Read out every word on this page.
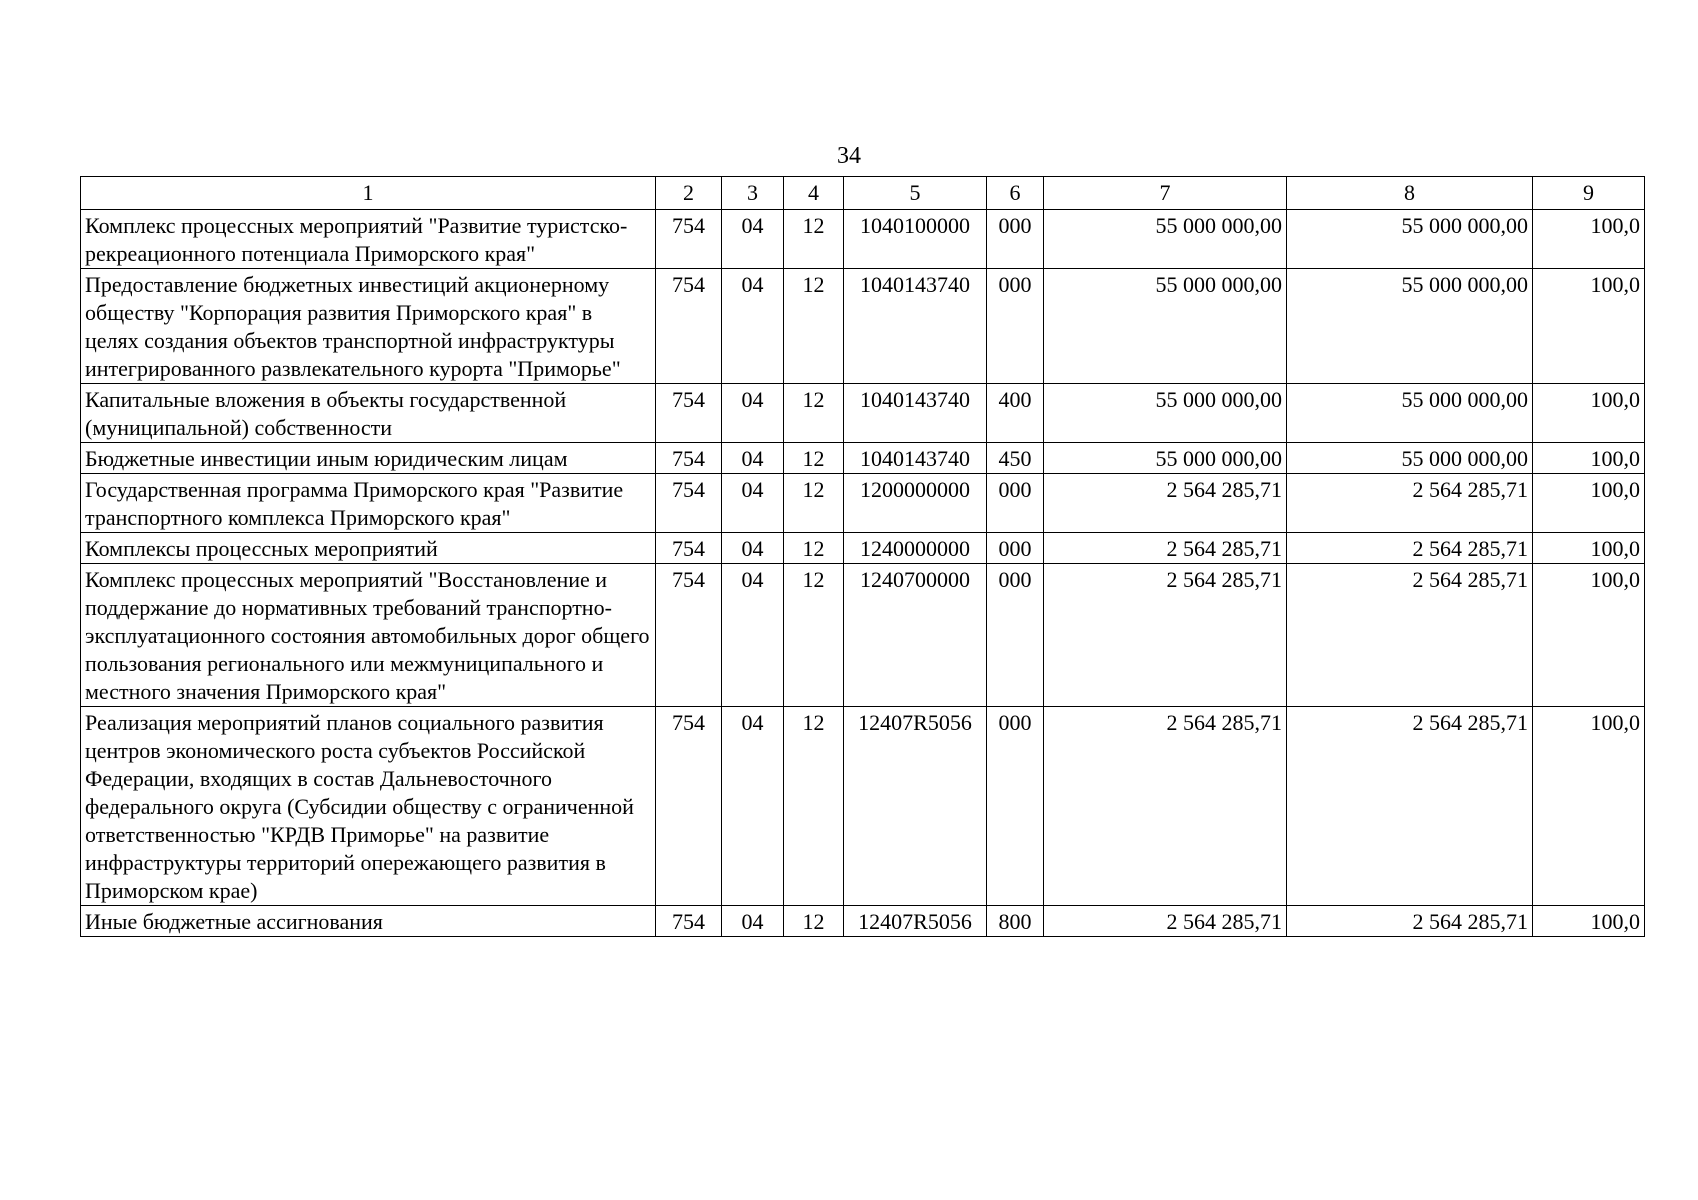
34
1	2	3	4	5	6	7	8	9
Комплекс процессных мероприятий "Развитие туристско-рекреационного потенциала Приморского края"	754	04	12	1040100000	000	55 000 000,00	55 000 000,00	100,0
Предоставление бюджетных инвестиций акционерному обществу "Корпорация развития Приморского края" в целях создания объектов транспортной инфраструктуры интегрированного развлекательного курорта "Приморье"	754	04	12	1040143740	000	55 000 000,00	55 000 000,00	100,0
Капитальные вложения в объекты государственной (муниципальной) собственности	754	04	12	1040143740	400	55 000 000,00	55 000 000,00	100,0
Бюджетные инвестиции иным юридическим лицам	754	04	12	1040143740	450	55 000 000,00	55 000 000,00	100,0
Государственная программа Приморского края "Развитие транспортного комплекса Приморского края"	754	04	12	1200000000	000	2 564 285,71	2 564 285,71	100,0
Комплексы процессных мероприятий	754	04	12	1240000000	000	2 564 285,71	2 564 285,71	100,0
Комплекс процессных мероприятий "Восстановление и поддержание до нормативных требований транспортно-эксплуатационного состояния автомобильных дорог общего пользования регионального или межмуниципального и местного значения Приморского края"	754	04	12	1240700000	000	2 564 285,71	2 564 285,71	100,0
Реализация мероприятий планов социального развития центров экономического роста субъектов Российской Федерации, входящих в состав Дальневосточного федерального округа (Субсидии обществу с ограниченной ответственностью "КРДВ Приморье" на развитие инфраструктуры территорий опережающего развития в Приморском крае)	754	04	12	12407R5056	000	2 564 285,71	2 564 285,71	100,0
Иные бюджетные ассигнования	754	04	12	12407R5056	800	2 564 285,71	2 564 285,71	100,0
